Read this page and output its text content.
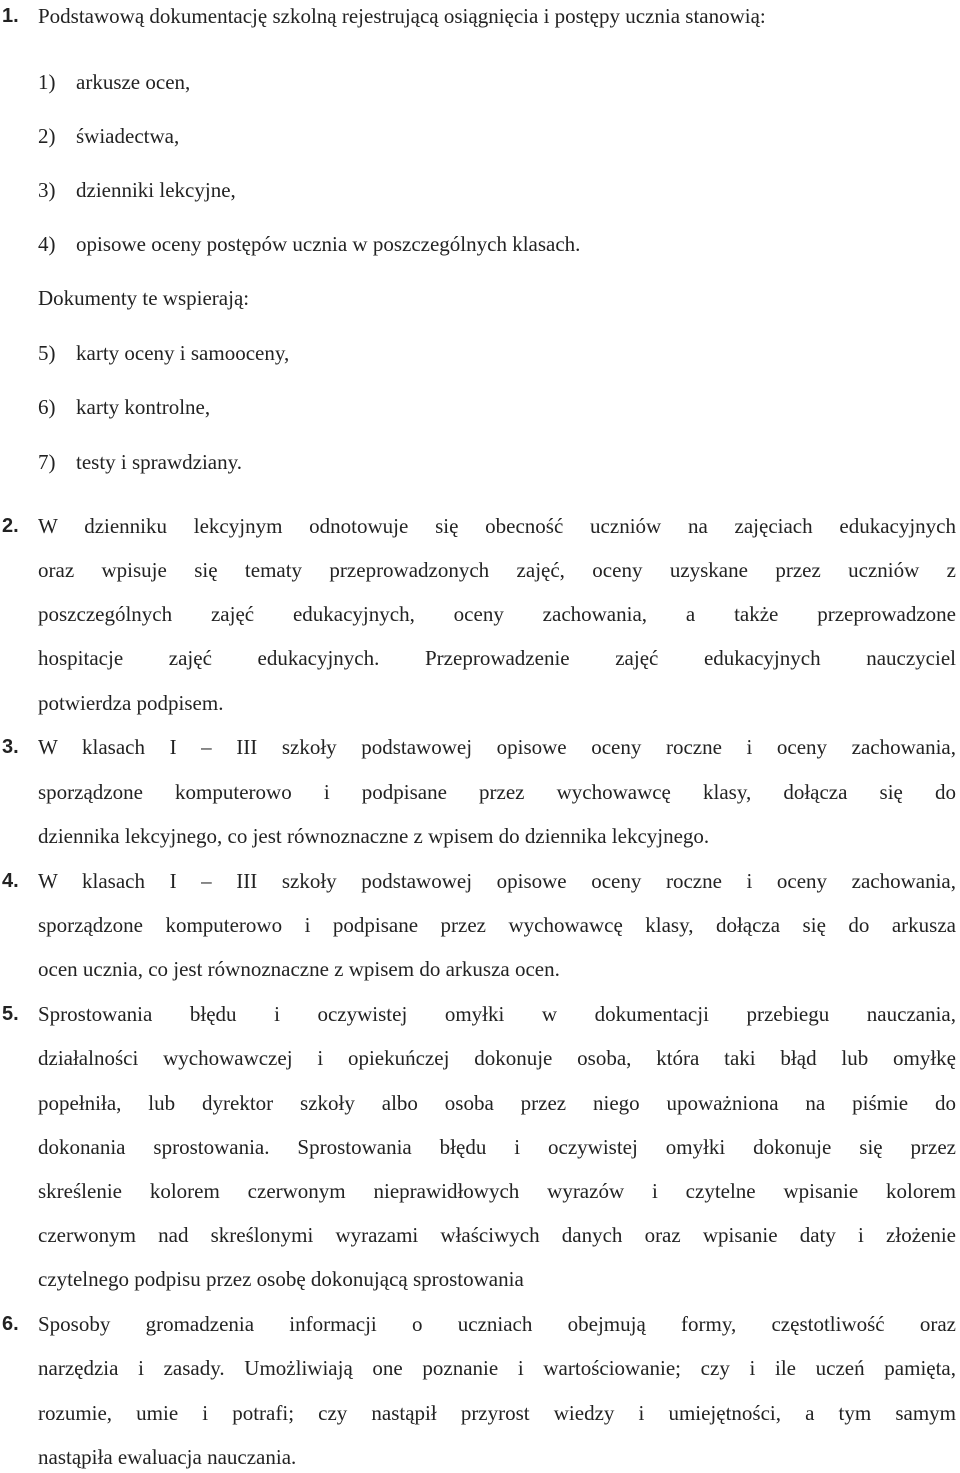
1. Podstawową dokumentację szkolną rejestrującą osiągnięcia i postępy ucznia stanowią:
1) arkusze ocen,
2) świadectwa,
3) dzienniki lekcyjne,
4) opisowe oceny postępów ucznia w poszczególnych klasach.
Dokumenty te wspierają:
5) karty oceny i samooceny,
6) karty kontrolne,
7) testy i sprawdziany.
2. W dzienniku lekcyjnym odnotowuje się obecność uczniów na zajęciach edukacyjnych
oraz wpisuje się tematy przeprowadzonych zajęć, oceny uzyskane przez uczniów z
poszczególnych zajęć edukacyjnych, oceny zachowania, a także przeprowadzone
hospitacje zajęć edukacyjnych. Przeprowadzenie zajęć edukacyjnych nauczyciel
potwierdza podpisem.
3. W klasach I – III szkoły podstawowej opisowe oceny roczne i oceny zachowania,
sporządzone komputerowo i podpisane przez wychowawcę klasy, dołącza się do
dziennika lekcyjnego, co jest równoznaczne z wpisem do dziennika lekcyjnego.
4. W klasach I – III szkoły podstawowej opisowe oceny roczne i oceny zachowania,
sporządzone komputerowo i podpisane przez wychowawcę klasy, dołącza się do arkusza
ocen ucznia, co jest równoznaczne z wpisem do arkusza ocen.
5. Sprostowania błędu i oczywistej omyłki w dokumentacji przebiegu nauczania,
działalności wychowawczej i opiekuńczej dokonuje osoba, która taki błąd lub omyłkę
popełniła, lub dyrektor szkoły albo osoba przez niego upoważniona na piśmie do
dokonania sprostowania. Sprostowania błędu i oczywistej omyłki dokonuje się przez
skreślenie kolorem czerwonym nieprawidłowych wyrazów i czytelne wpisanie kolorem
czerwonym nad skreślonymi wyrazami właściwych danych oraz wpisanie daty i złożenie
czytelnego podpisu przez osobę dokonującą sprostowania
6. Sposoby gromadzenia informacji o uczniach obejmują formy, częstotliwość oraz
narzędzia i zasady. Umożliwiają one poznanie i wartościowanie; czy i ile uczeń pamięta,
rozumie, umie i potrafi; czy nastąpił przyrost wiedzy i umiejętności, a tym samym
nastąpiła ewaluacja nauczania.
